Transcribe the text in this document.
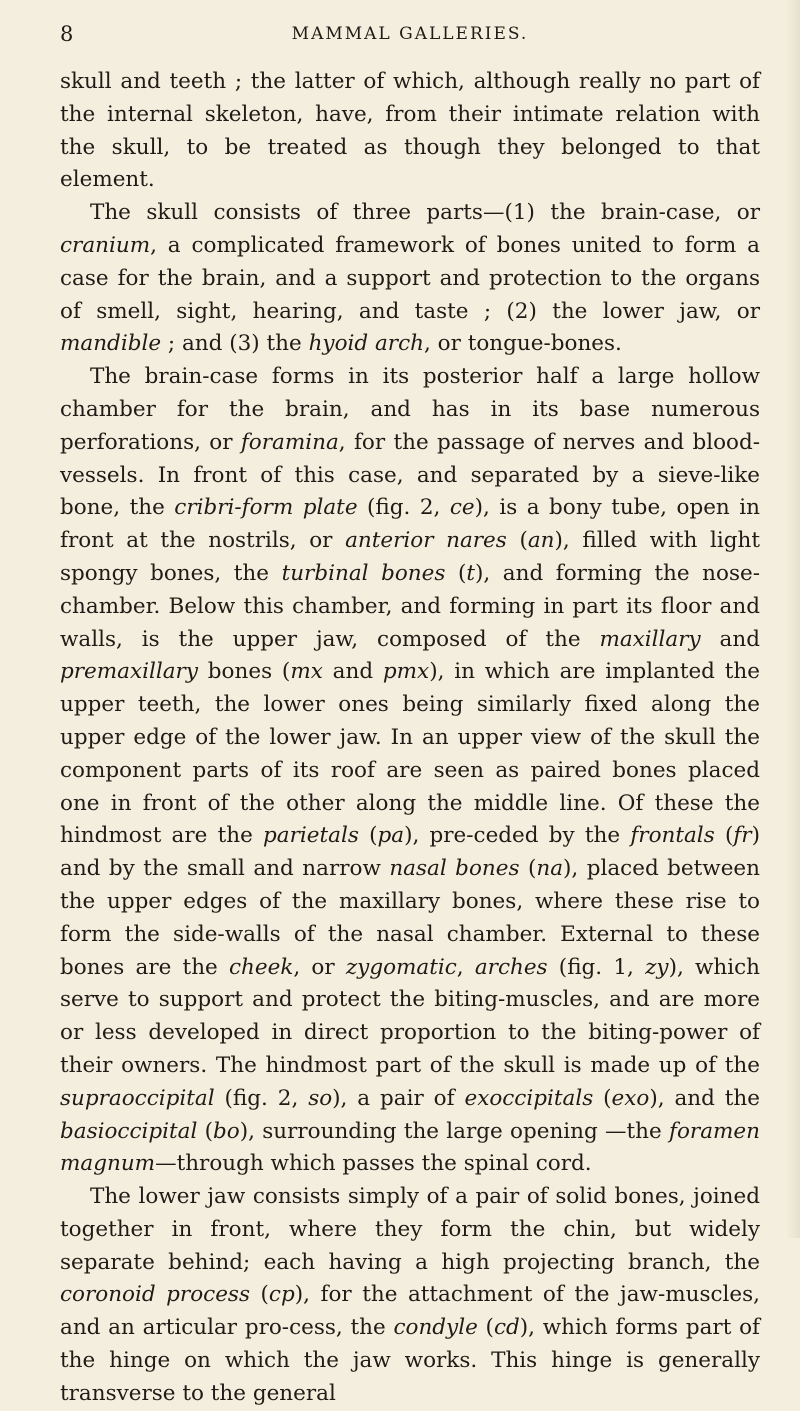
8	MAMMAL GALLERIES.

skull and teeth ; the latter of which, although really no part of the internal skeleton, have, from their intimate relation with the skull, to be treated as though they belonged to that element.

The skull consists of three parts—(1) the brain-case, or cranium, a complicated framework of bones united to form a case for the brain, and a support and protection to the organs of smell, sight, hearing, and taste ; (2) the lower jaw, or mandible ; and (3) the hyoid arch, or tongue-bones.

The brain-case forms in its posterior half a large hollow chamber for the brain, and has in its base numerous perforations, or foramina, for the passage of nerves and blood-vessels. In front of this case, and separated by a sieve-like bone, the cribri-form plate (fig. 2, ce), is a bony tube, open in front at the nostrils, or anterior nares (an), filled with light spongy bones, the turbinal bones (t), and forming the nose-chamber. Below this chamber, and forming in part its floor and walls, is the upper jaw, composed of the maxillary and premaxillary bones (mx and pmx), in which are implanted the upper teeth, the lower ones being similarly fixed along the upper edge of the lower jaw. In an upper view of the skull the component parts of its roof are seen as paired bones placed one in front of the other along the middle line. Of these the hindmost are the parietals (pa), pre-ceded by the frontals (fr) and by the small and narrow nasal bones (na), placed between the upper edges of the maxillary bones, where these rise to form the side-walls of the nasal chamber. External to these bones are the cheek, or zygomatic, arches (fig. 1, zy), which serve to support and protect the biting-muscles, and are more or less developed in direct proportion to the biting-power of their owners. The hindmost part of the skull is made up of the supraoccipital (fig. 2, so), a pair of exoccipitals (exo), and the basioccipital (bo), surrounding the large opening —the foramen magnum—through which passes the spinal cord.

The lower jaw consists simply of a pair of solid bones, joined together in front, where they form the chin, but widely separate behind; each having a high projecting branch, the coronoid process (cp), for the attachment of the jaw-muscles, and an articular pro-cess, the condyle (cd), which forms part of the hinge on which the jaw works. This hinge is generally transverse to the general
